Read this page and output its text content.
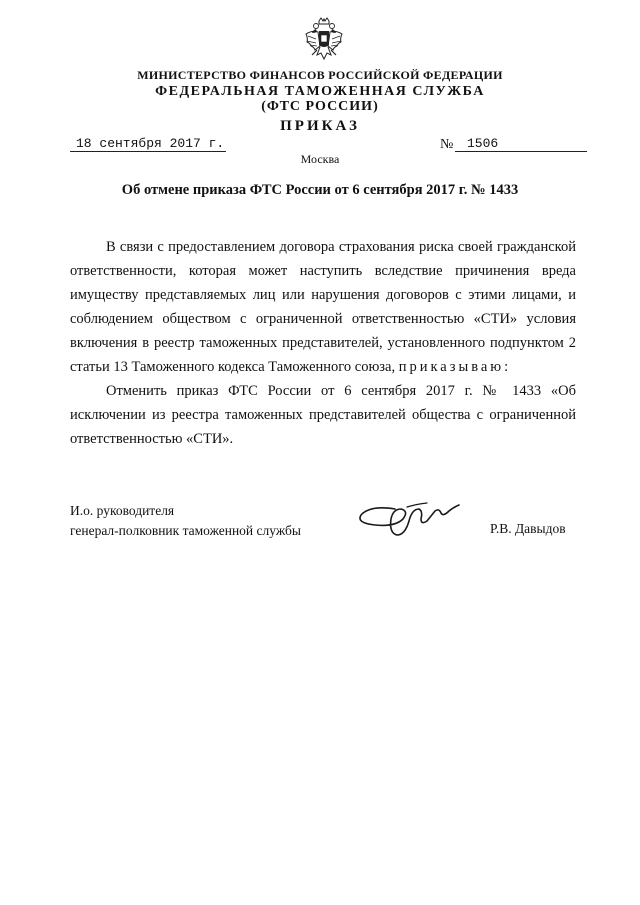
МИНИСТЕРСТВО ФИНАНСОВ РОССИЙСКОЙ ФЕДЕРАЦИИ
ФЕДЕРАЛЬНАЯ ТАМОЖЕННАЯ СЛУЖБА
(ФТС РОССИИ)
ПРИКАЗ
18 сентября 2017 г.	№	1506
Москва
Об отмене приказа ФТС России от 6 сентября 2017 г. № 1433

В связи с предоставлением договора страхования риска своей гражданской ответственности, которая может наступить вследствие причинения вреда имуществу представляемых лиц или нарушения договоров с этими лицами, и соблюдением обществом с ограниченной ответственностью «СТИ» условия включения в реестр таможенных представителей, установленного подпунктом 2 статьи 13 Таможенного кодекса Таможенного союза, приказываю:

Отменить приказ ФТС России от 6 сентября 2017 г. № 1433 «Об исключении из реестра таможенных представителей общества с ограниченной ответственностью «СТИ».

И.о. руководителя
генерал-полковник таможенной службы	Р.В. Давыдов
